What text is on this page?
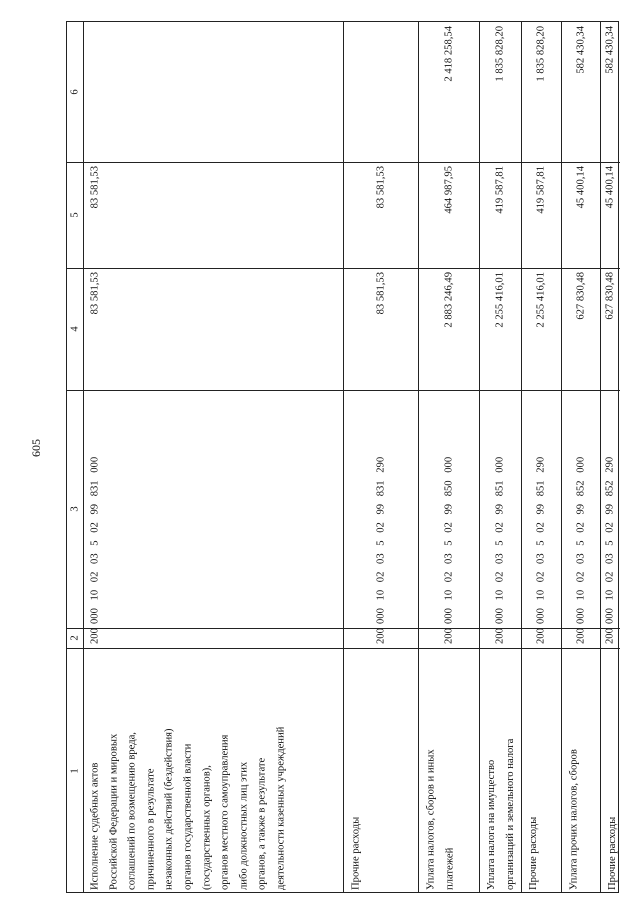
605
1
2
3
4
5
6
Исполнение судебных актов Российской Федерации и мировых соглашений по возмещению вреда, причиненного в результате незаконных действий (бездействия) органов государственной власти (государственных органов), органов местного самоуправления либо должностных лиц этих органов, а также в результате деятельности казенных учреждений
200
000 10 02 03 5 02 99 831 000
83 581,53
83 581,53
Прочие расходы
200
000 10 02 03 5 02 99 831 290
83 581,53
83 581,53
Уплата налогов, сборов и иных платежей
200
000 10 02 03 5 02 99 850 000
2 883 246,49
464 987,95
2 418 258,54
Уплата налога на имущество организаций и земельного налога
200
000 10 02 03 5 02 99 851 000
2 255 416,01
419 587,81
1 835 828,20
Прочие расходы
200
000 10 02 03 5 02 99 851 290
2 255 416,01
419 587,81
1 835 828,20
Уплата прочих налогов, сборов
200
000 10 02 03 5 02 99 852 000
627 830,48
45 400,14
582 430,34
Прочие расходы
200
000 10 02 03 5 02 99 852 290
627 830,48
45 400,14
582 430,34
